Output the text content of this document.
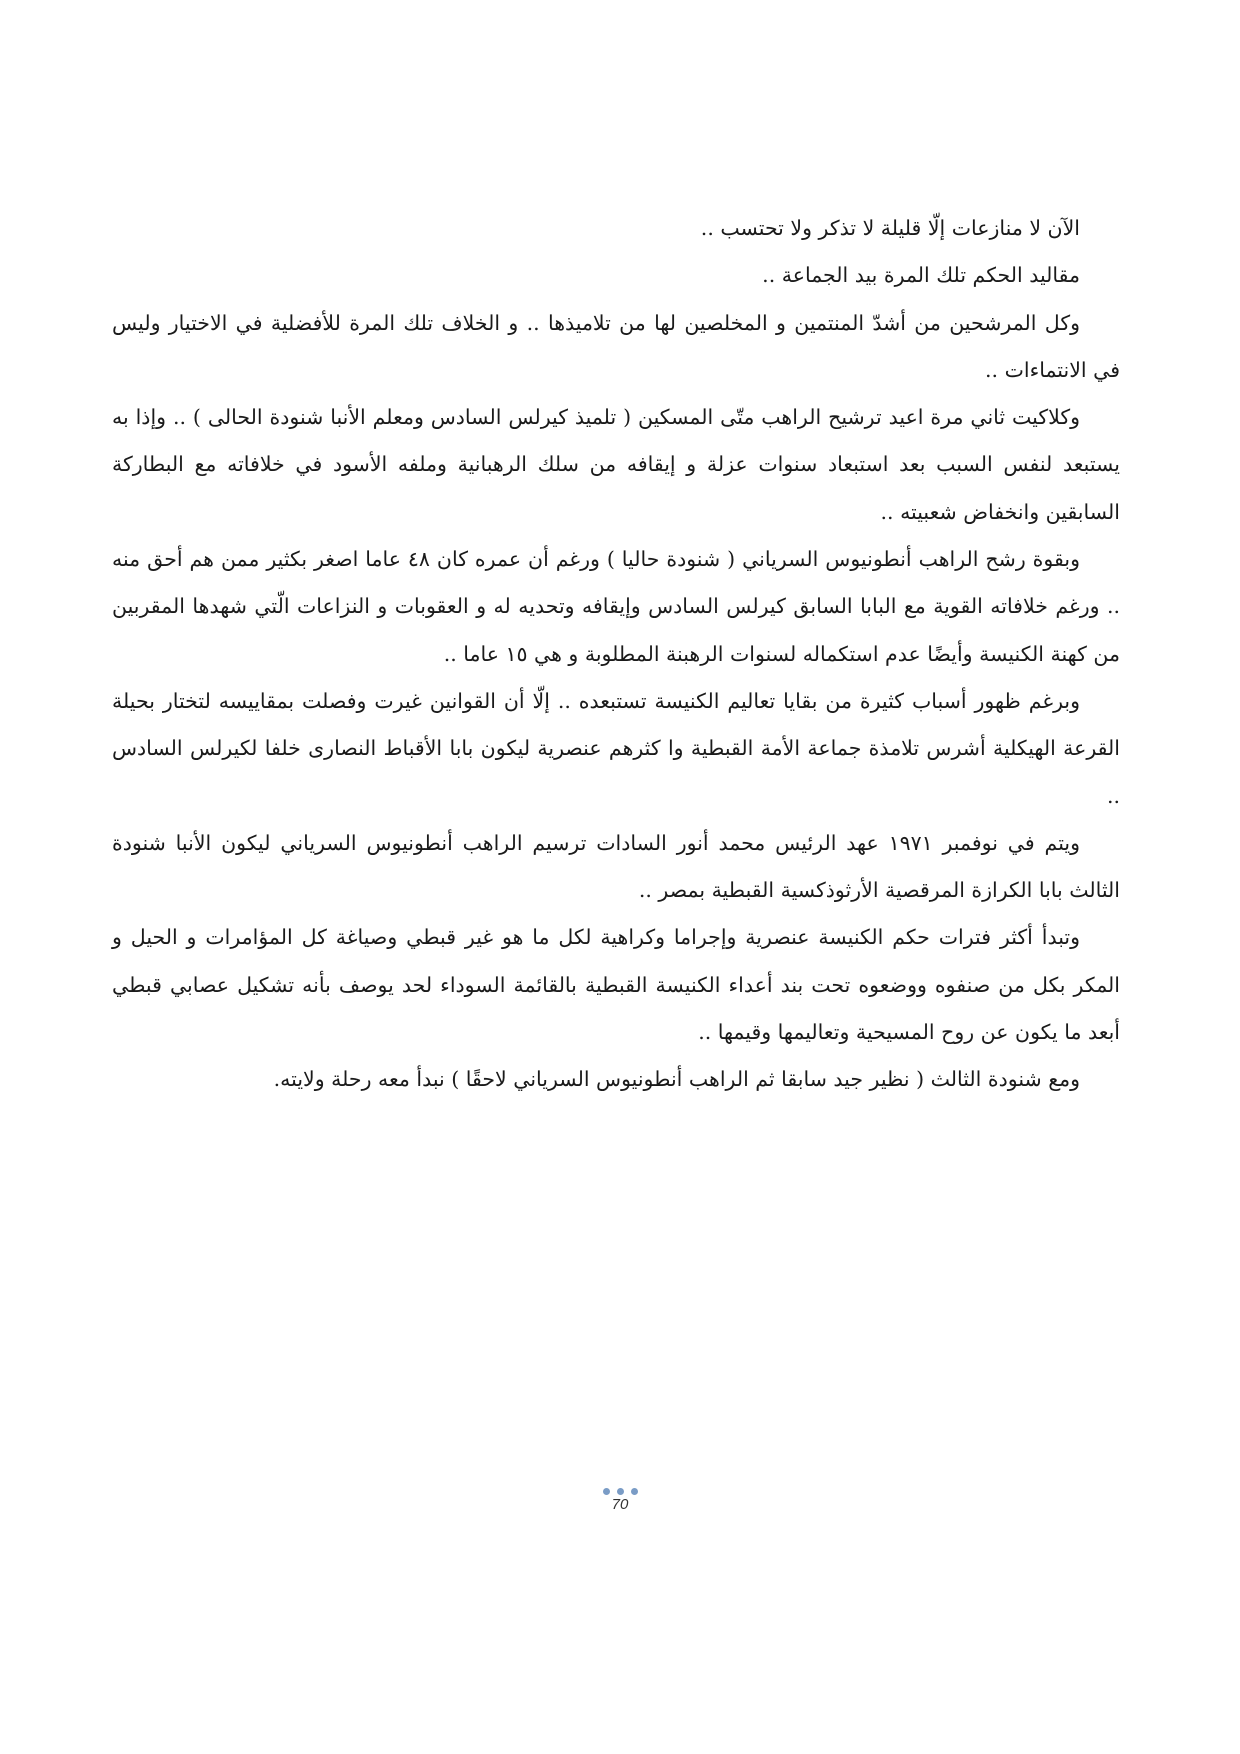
الآن لا منازعات إلّا قليلة لا تذكر ولا تحتسب ..

مقاليد الحكم تلك المرة بيد الجماعة ..

وكل المرشحين من أشدّ المنتمين و المخلصين لها من تلاميذها .. و الخلاف تلك المرة للأفضلية في الاختيار وليس في الانتماءات ..

وكلاكيت ثاني مرة اعيد ترشيح الراهب متّى المسكين ( تلميذ كيرلس السادس ومعلم الأنبا شنودة الحالى ) .. وإذا به يستبعد لنفس السبب بعد استبعاد سنوات عزلة و إيقافه من سلك الرهبانية وملفه الأسود في خلافاته مع البطاركة السابقين وانخفاض شعبيته ..

وبقوة رشح الراهب أنطونيوس السرياني ( شنودة حاليا ) ورغم أن عمره كان ٤٨ عاما اصغر بكثير ممن هم أحق منه .. ورغم خلافاته القوية مع البابا السابق كيرلس السادس وإيقافه وتحديه له و العقوبات و النزاعات الّتي شهدها المقربين من كهنة الكنيسة وأيضًا عدم استكماله لسنوات الرهبنة المطلوبة و هي ١٥ عاما ..

وبرغم ظهور أسباب كثيرة من بقايا تعاليم الكنيسة تستبعده .. إلّا أن القوانين غيرت وفصلت بمقاييسه لتختار بحيلة القرعة الهيكلية أشرس تلامذة جماعة الأمة القبطية وا كثرهم عنصرية ليكون بابا الأقباط النصارى خلفا لكيرلس السادس ..

ويتم في نوفمبر ١٩٧١ عهد الرئيس محمد أنور السادات ترسيم الراهب أنطونيوس السرياني ليكون الأنبا شنودة الثالث بابا الكرازة المرقصية الأرثوذكسية القبطية بمصر ..

وتبدأ أكثر فترات حكم الكنيسة عنصرية وإجراما وكراهية لكل ما هو غير قبطي وصياغة كل المؤامرات و الحيل و المكر بكل من صنفوه ووضعوه تحت بند أعداء الكنيسة القبطية بالقائمة السوداء لحد يوصف بأنه تشكيل عصابي قبطي أبعد ما يكون عن روح المسيحية وتعاليمها وقيمها ..

ومع شنودة الثالث ( نظير جيد سابقا ثم الراهب أنطونيوس السرياني لاحقًا ) نبدأ معه رحلة ولايته.

70
